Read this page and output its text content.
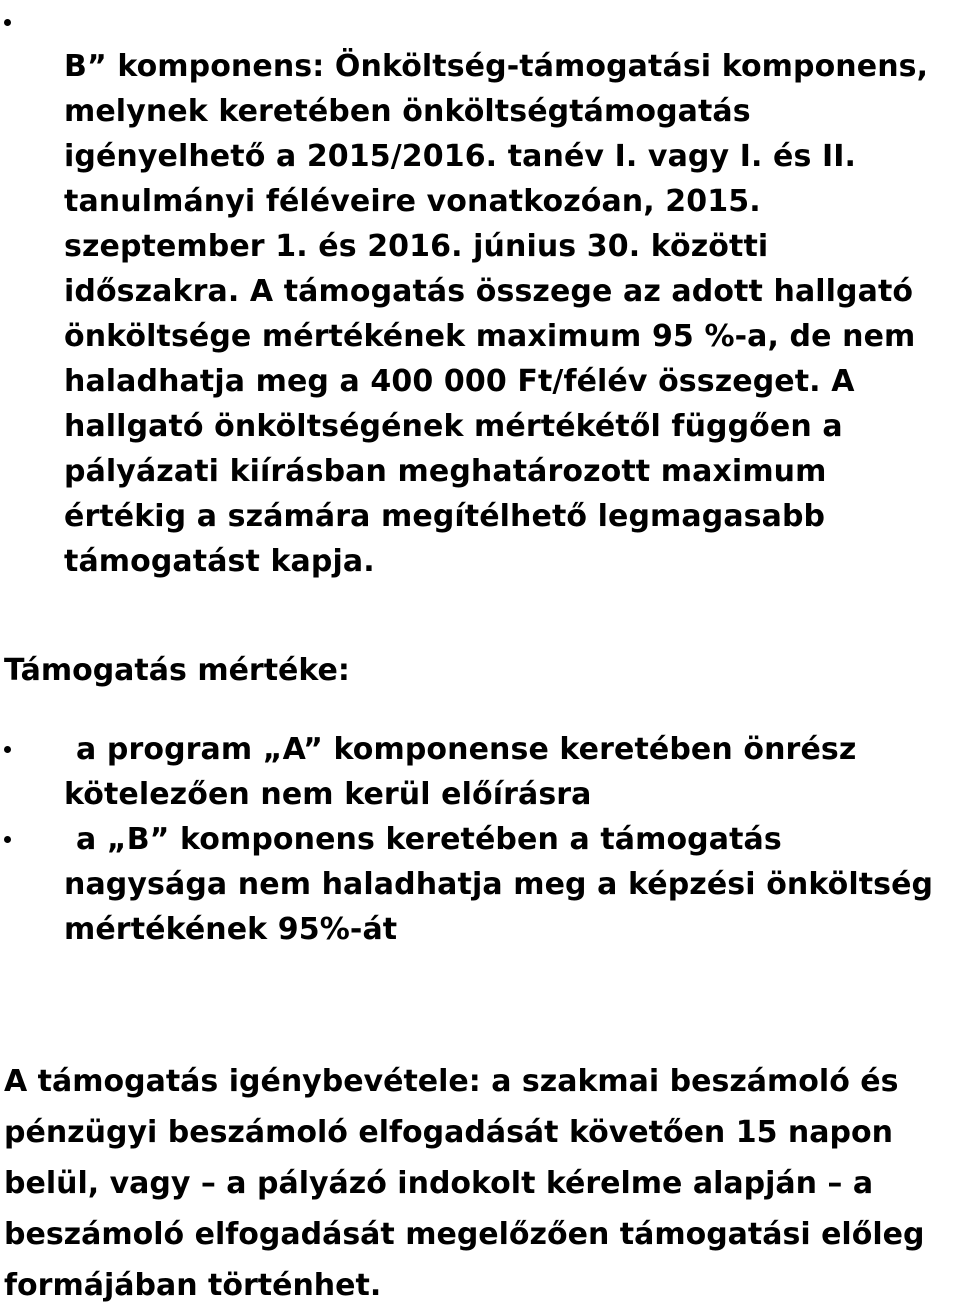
B” komponens: Önköltség-támogatási komponens,
melynek keretében önköltségtámogatás
igényelhető a 2015/2016. tanév I. vagy I. és II.
tanulmányi féléveire vonatkozóan, 2015.
szeptember 1. és 2016. június 30. közötti
időszakra. A támogatás összege az adott hallgató
önköltsége mértékének maximum 95 %-a, de nem
haladhatja meg a 400 000 Ft/félév összeget. A
hallgató önköltségének mértékétől függően a
pályázati kiírásban meghatározott maximum
értékig a számára megítélhető legmagasabb
támogatást kapja.

Támogatás mértéke:
a program „A” komponense keretében önrész
kötelezően nem kerül előírásra
a „B” komponens keretében a támogatás
nagysága nem haladhatja meg a képzési önköltség
mértékének 95%-át
A támogatás igénybevétele: a szakmai beszámoló és
pénzügyi beszámoló elfogadását követően 15 napon
belül, vagy – a pályázó indokolt kérelme alapján – a
beszámoló elfogadását megelőzően támogatási előleg
formájában történhet.
